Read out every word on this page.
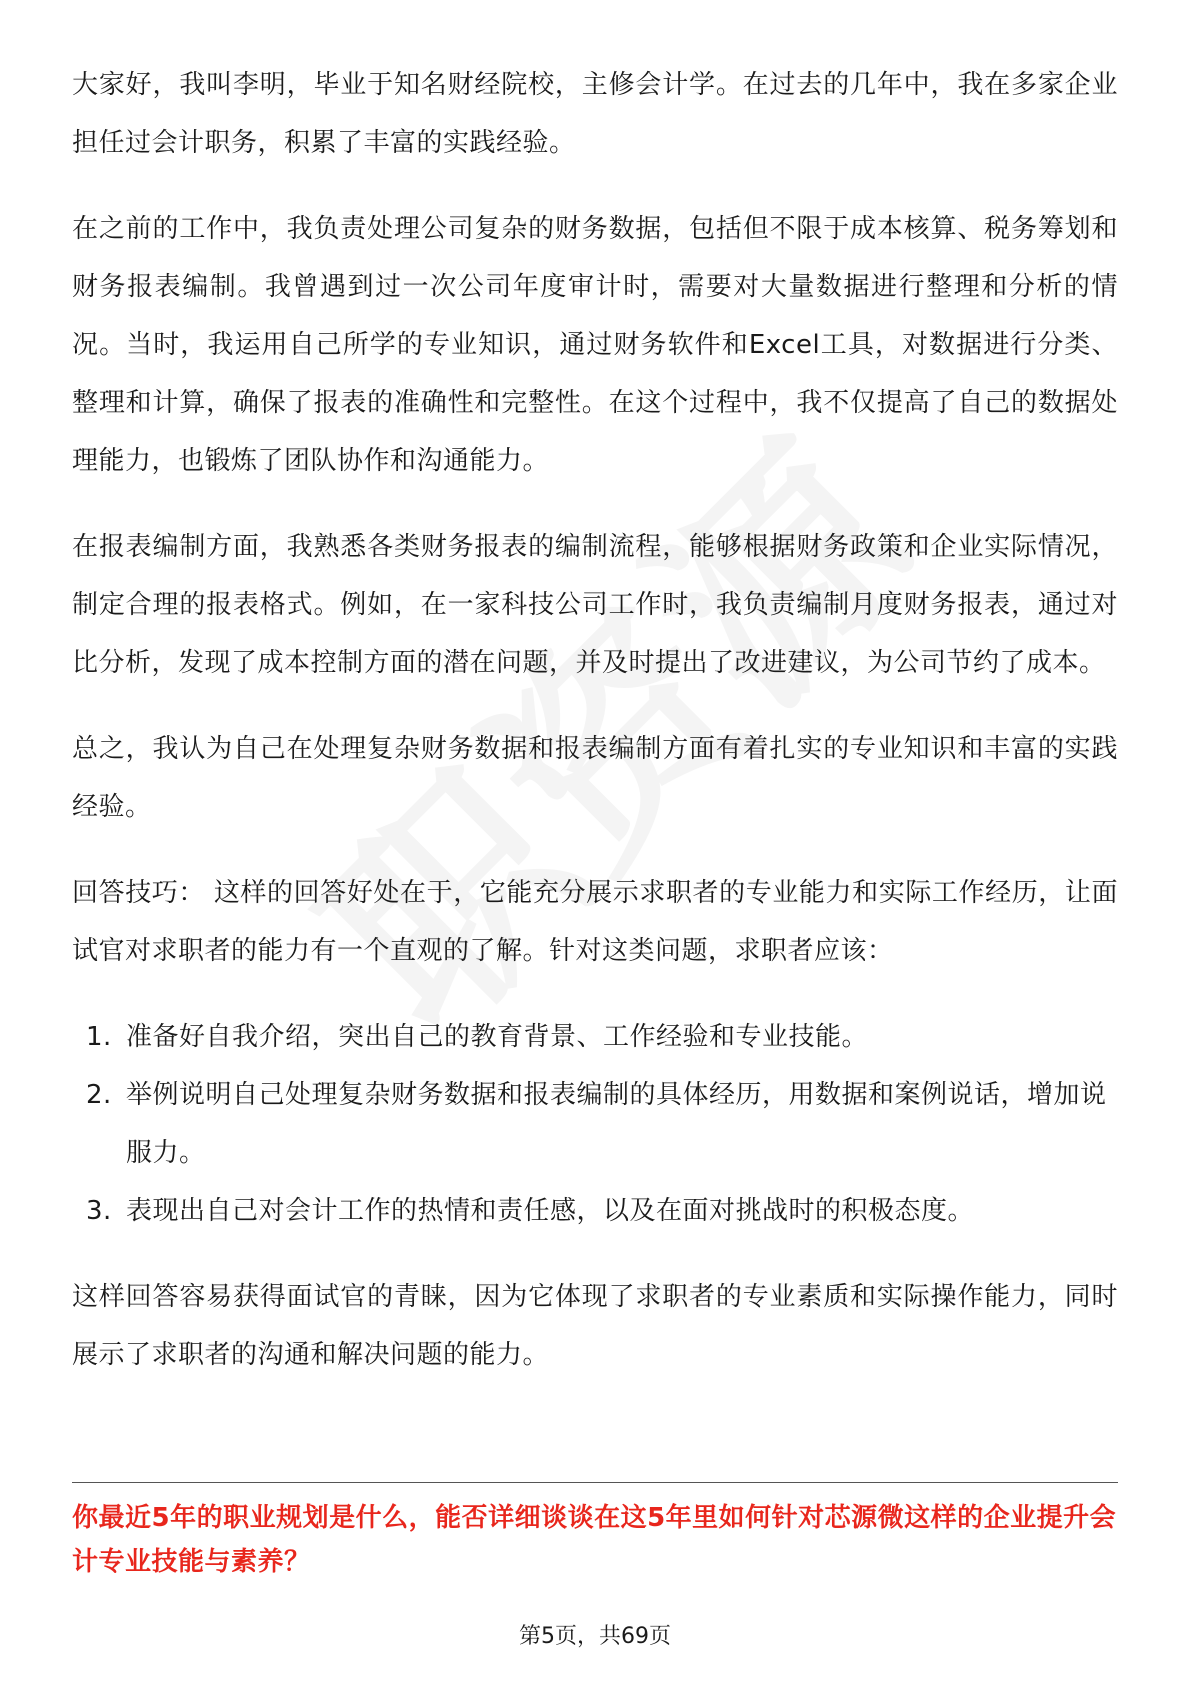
大家好，我叫李明，毕业于知名财经院校，主修会计学。在过去的几年中，我在多家企业担任过会计职务，积累了丰富的实践经验。

在之前的工作中，我负责处理公司复杂的财务数据，包括但不限于成本核算、税务筹划和财务报表编制。我曾遇到过一次公司年度审计时，需要对大量数据进行整理和分析的情况。当时，我运用自己所学的专业知识，通过财务软件和Excel工具，对数据进行分类、整理和计算，确保了报表的准确性和完整性。在这个过程中，我不仅提高了自己的数据处理能力，也锻炼了团队协作和沟通能力。

在报表编制方面，我熟悉各类财务报表的编制流程，能够根据财务政策和企业实际情况，制定合理的报表格式。例如，在一家科技公司工作时，我负责编制月度财务报表，通过对比分析，发现了成本控制方面的潜在问题，并及时提出了改进建议，为公司节约了成本。

总之，我认为自己在处理复杂财务数据和报表编制方面有着扎实的专业知识和丰富的实践经验。

回答技巧： 这样的回答好处在于，它能充分展示求职者的专业能力和实际工作经历，让面试官对求职者的能力有一个直观的了解。针对这类问题，求职者应该：

1. 准备好自我介绍，突出自己的教育背景、工作经验和专业技能。
2. 举例说明自己处理复杂财务数据和报表编制的具体经历，用数据和案例说话，增加说服力。
3. 表现出自己对会计工作的热情和责任感，以及在面对挑战时的积极态度。

这样回答容易获得面试官的青睐，因为它体现了求职者的专业素质和实际操作能力，同时展示了求职者的沟通和解决问题的能力。

你最近5年的职业规划是什么，能否详细谈谈在这5年里如何针对芯源微这样的企业提升会计专业技能与素养？
第5页，共69页
